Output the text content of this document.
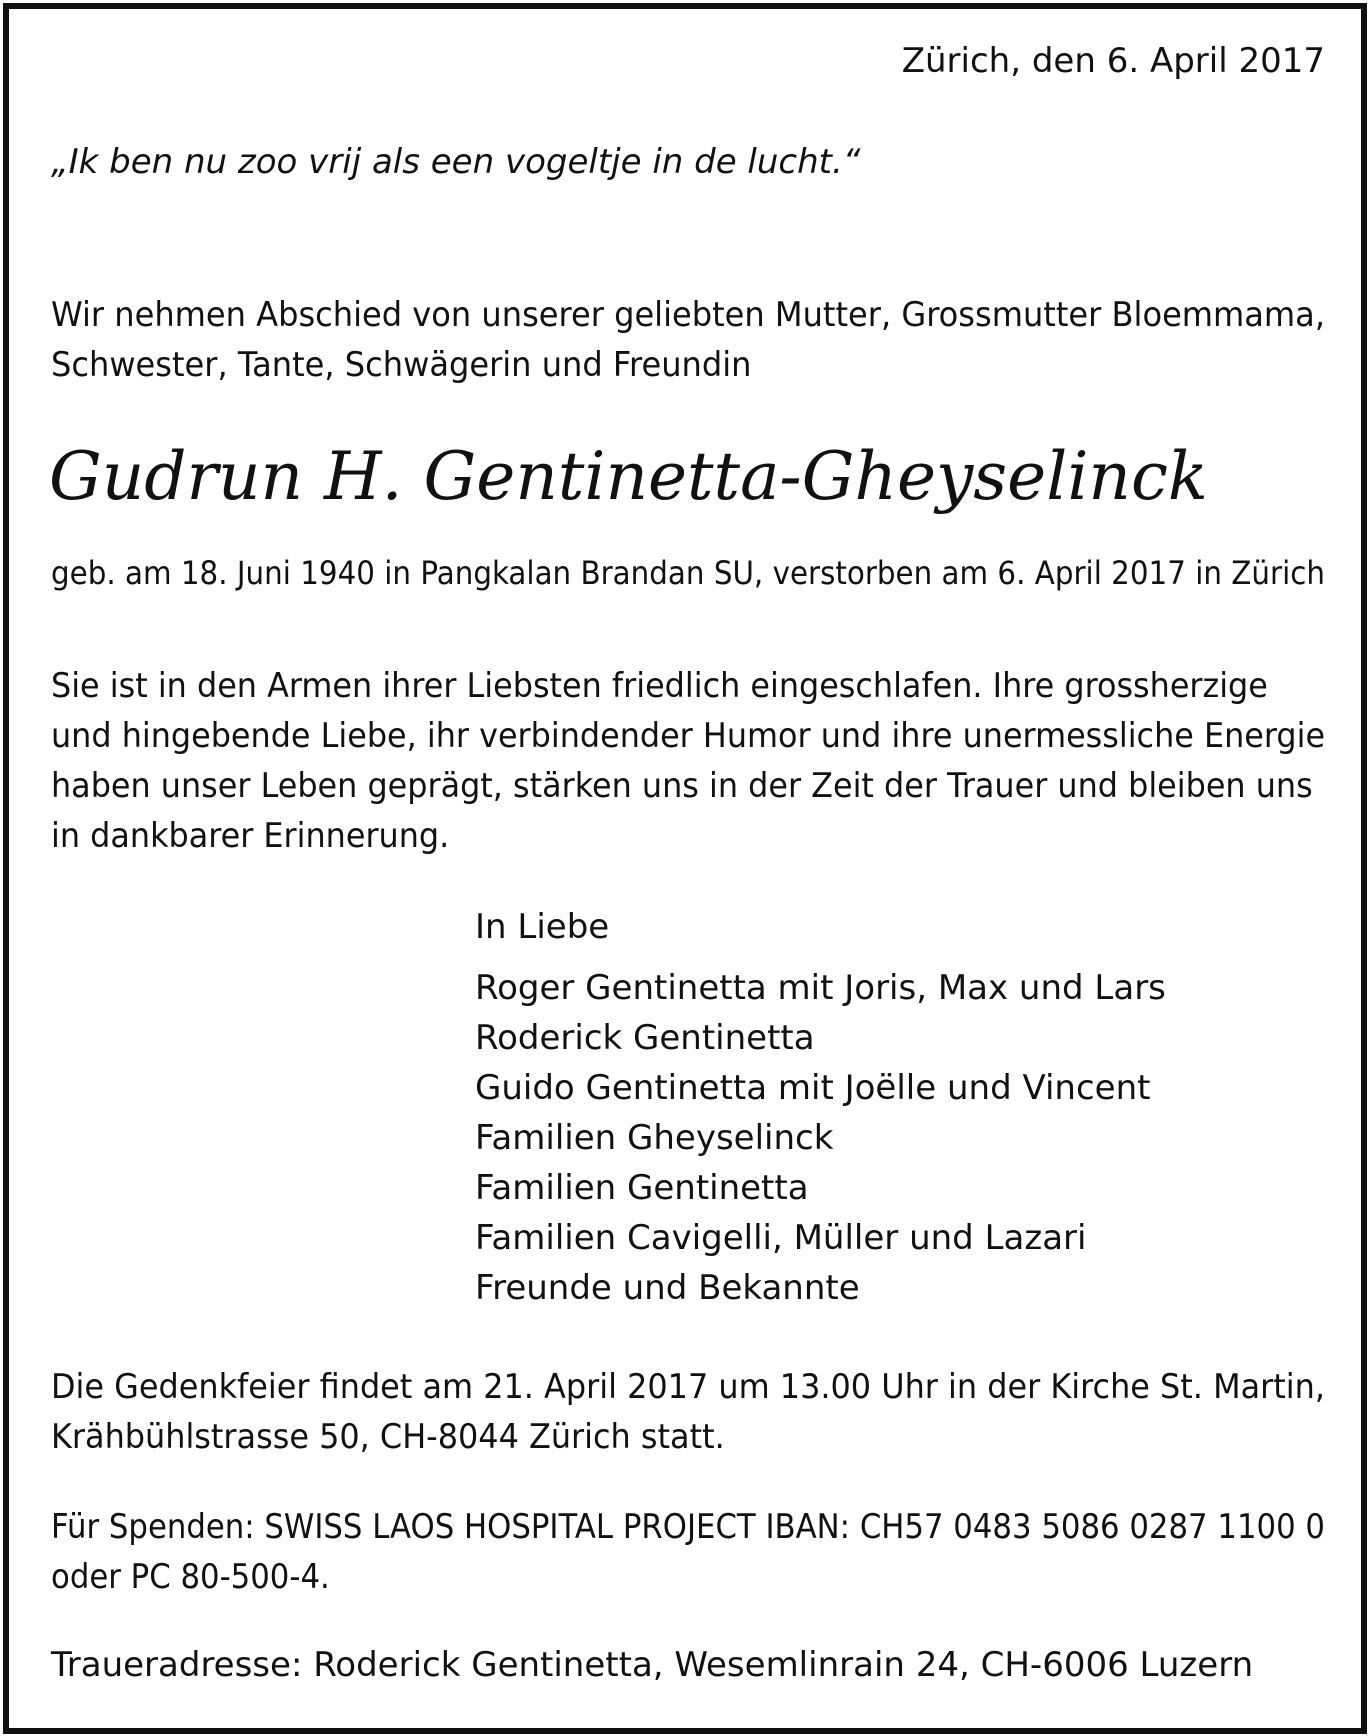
Zürich, den 6. April 2017
„Ik ben nu zoo vrij als een vogeltje in de lucht.“
Wir nehmen Abschied von unserer geliebten Mutter, Grossmutter Bloemmama,
Schwester, Tante, Schwägerin und Freundin
Gudrun H. Gentinetta-Gheyselinck
geb. am 18. Juni 1940 in Pangkalan Brandan SU, verstorben am 6. April 2017 in Zürich
Sie ist in den Armen ihrer Liebsten friedlich eingeschlafen. Ihre grossherzige
und hingebende Liebe, ihr verbindender Humor und ihre unermessliche Energie
haben unser Leben geprägt, stärken uns in der Zeit der Trauer und bleiben uns
in dankbarer Erinnerung.
In Liebe
Roger Gentinetta mit Joris, Max und Lars
Roderick Gentinetta
Guido Gentinetta mit Joëlle und Vincent
Familien Gheyselinck
Familien Gentinetta
Familien Cavigelli, Müller und Lazari
Freunde und Bekannte
Die Gedenkfeier findet am 21. April 2017 um 13.00 Uhr in der Kirche St. Martin,
Krähbühlstrasse 50, CH-8044 Zürich statt.
Für Spenden: SWISS LAOS HOSPITAL PROJECT IBAN: CH57 0483 5086 0287 1100 0
oder PC 80-500-4.
Traueradresse: Roderick Gentinetta, Wesemlinrain 24, CH-6006 Luzern
